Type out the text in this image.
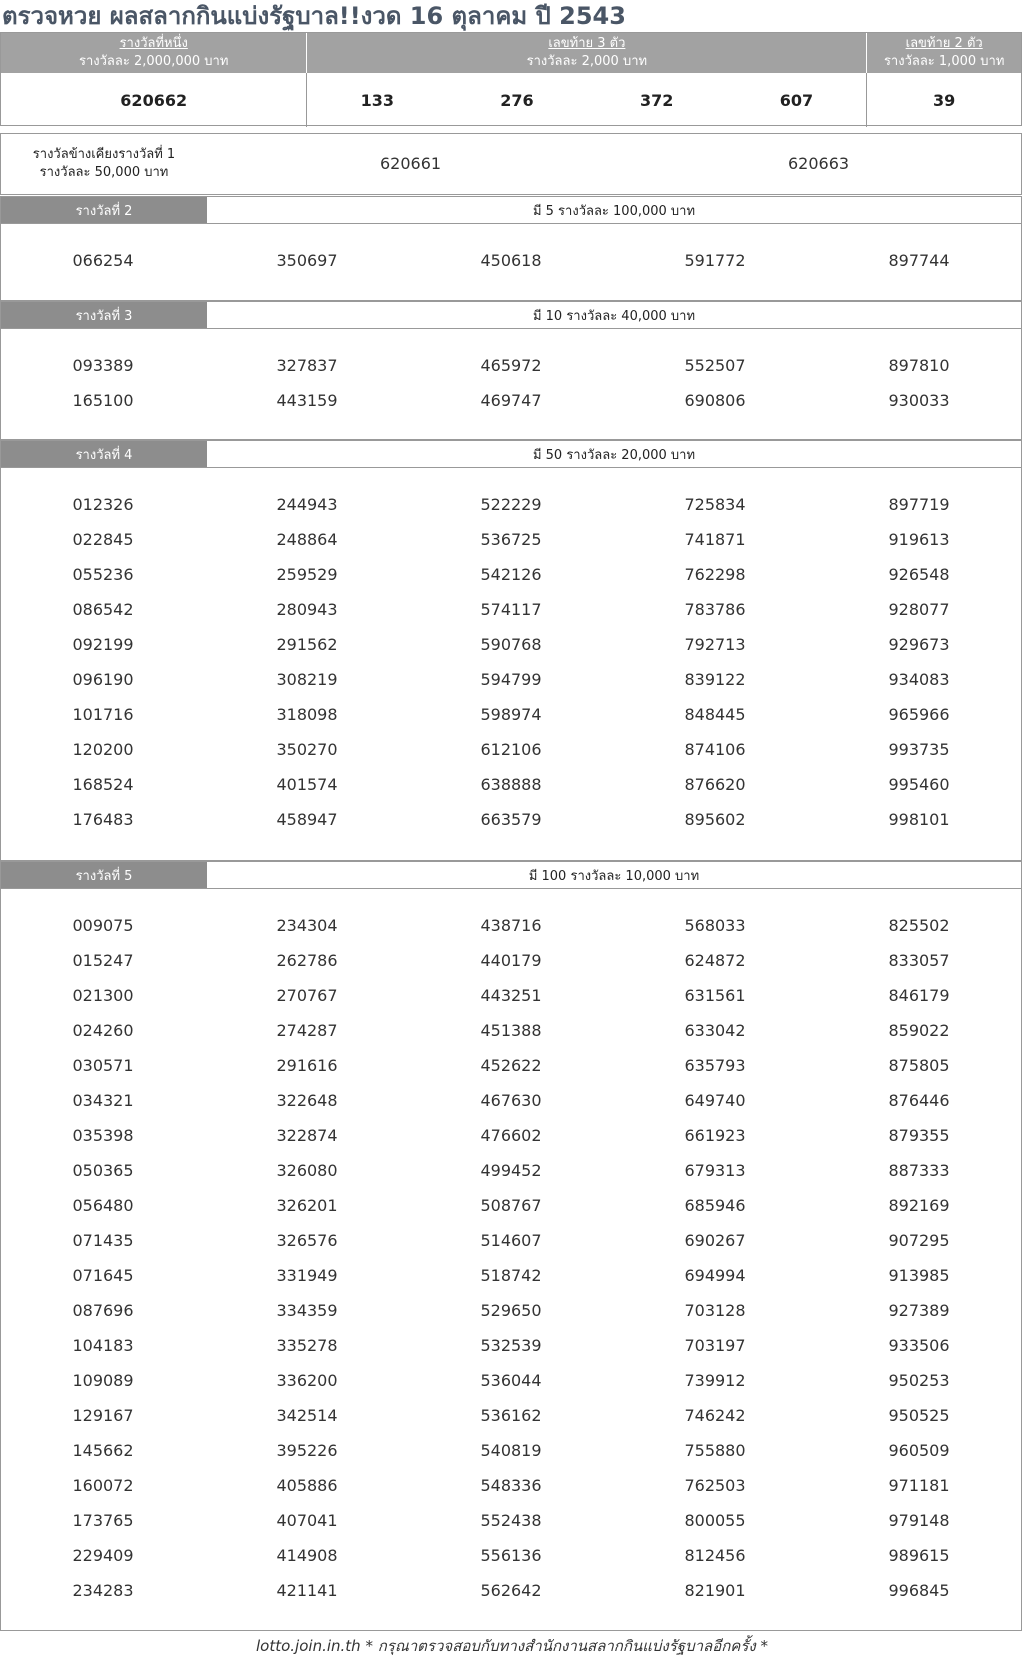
ตรวจหวย ผลสลากกินแบ่งรัฐบาล!!งวด 16 ตุลาคม ปี 2543
รางวัลที่หนึ่ง
รางวัลละ 2,000,000 บาท
เลขท้าย 3 ตัว
รางวัลละ 2,000 บาท
เลขท้าย 2 ตัว
รางวัลละ 1,000 บาท
620662	133	276	372	607	39
รางวัลข้างเคียงรางวัลที่ 1
รางวัลละ 50,000 บาท	620661	620663
รางวัลที่ 2	มี 5 รางวัลละ 100,000 บาท
066254	350697	450618	591772	897744
รางวัลที่ 3	มี 10 รางวัลละ 40,000 บาท
093389	327837	465972	552507	897810
165100	443159	469747	690806	930033
รางวัลที่ 4	มี 50 รางวัลละ 20,000 บาท
012326	244943	522229	725834	897719
022845	248864	536725	741871	919613
055236	259529	542126	762298	926548
086542	280943	574117	783786	928077
092199	291562	590768	792713	929673
096190	308219	594799	839122	934083
101716	318098	598974	848445	965966
120200	350270	612106	874106	993735
168524	401574	638888	876620	995460
176483	458947	663579	895602	998101
รางวัลที่ 5	มี 100 รางวัลละ 10,000 บาท
009075	234304	438716	568033	825502
015247	262786	440179	624872	833057
021300	270767	443251	631561	846179
024260	274287	451388	633042	859022
030571	291616	452622	635793	875805
034321	322648	467630	649740	876446
035398	322874	476602	661923	879355
050365	326080	499452	679313	887333
056480	326201	508767	685946	892169
071435	326576	514607	690267	907295
071645	331949	518742	694994	913985
087696	334359	529650	703128	927389
104183	335278	532539	703197	933506
109089	336200	536044	739912	950253
129167	342514	536162	746242	950525
145662	395226	540819	755880	960509
160072	405886	548336	762503	971181
173765	407041	552438	800055	979148
229409	414908	556136	812456	989615
234283	421141	562642	821901	996845
lotto.join.in.th * กรุณาตรวจสอบกับทางสำนักงานสลากกินแบ่งรัฐบาลอีกครั้ง *
